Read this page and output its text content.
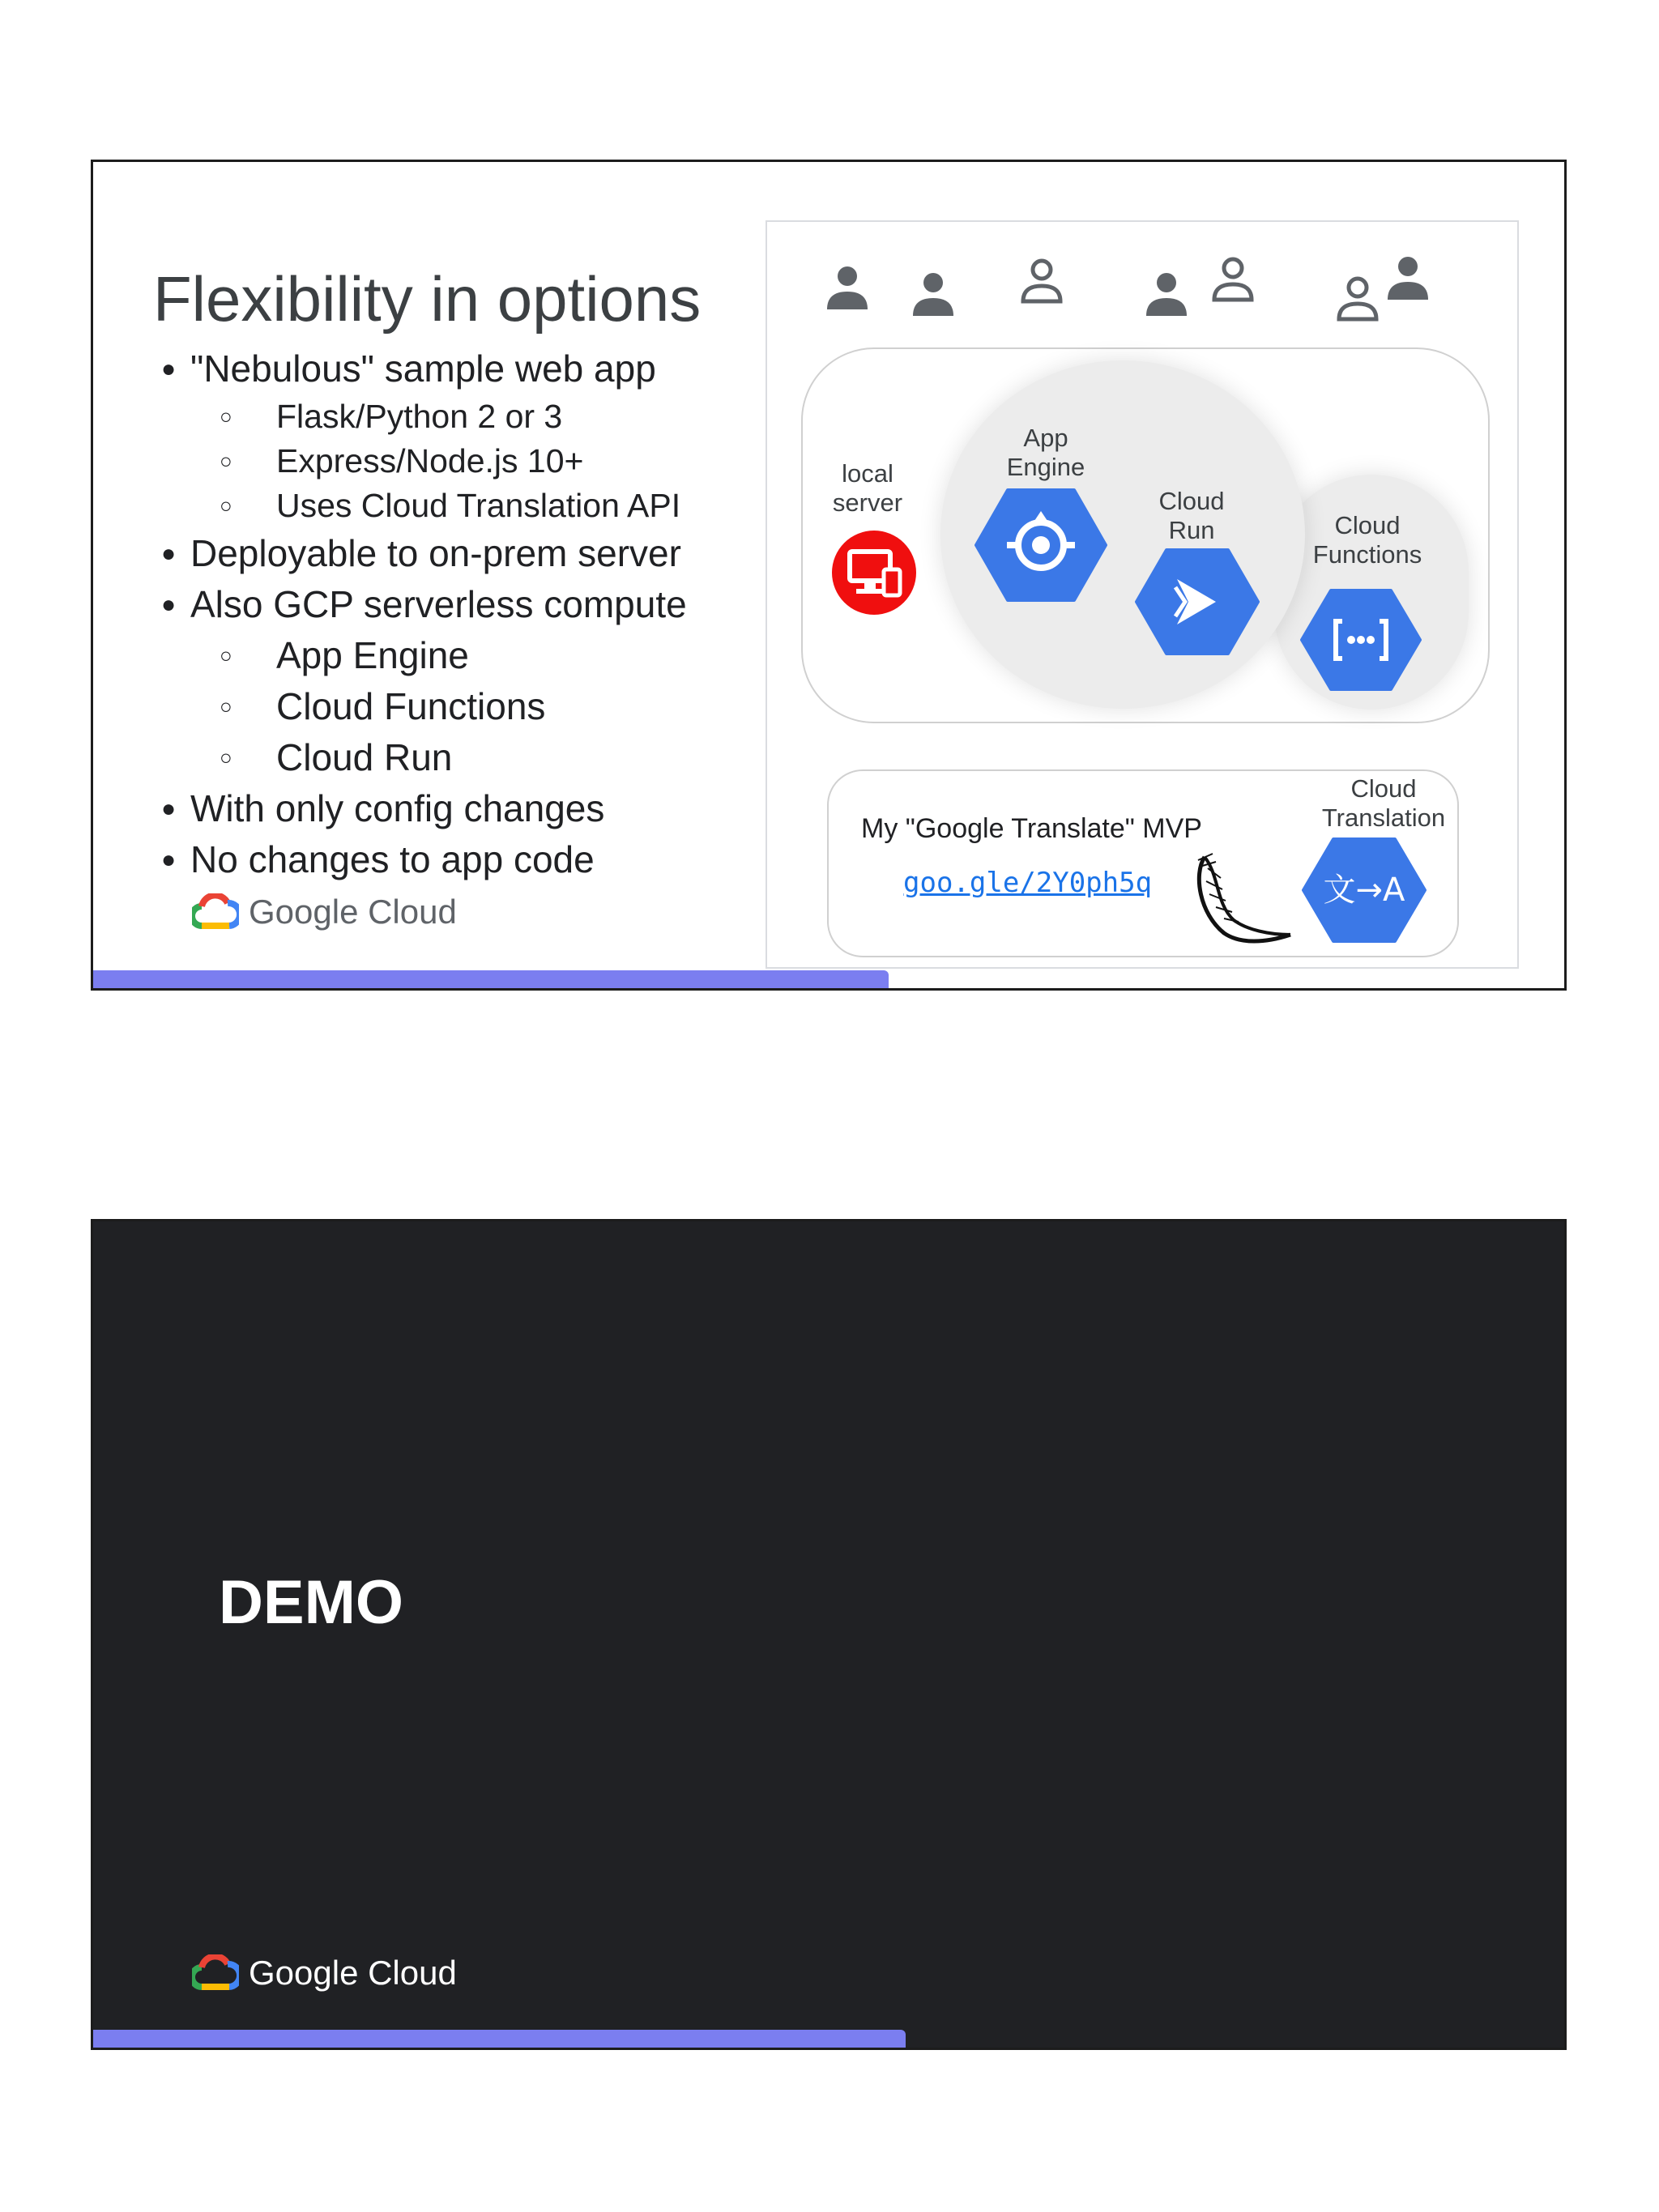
Flexibility in options
● "Nebulous" sample web app
○ Flask/Python 2 or 3
○ Express/Node.js 10+
○ Uses Cloud Translation API
● Deployable to on-prem server
● Also GCP serverless compute
○ App Engine
○ Cloud Functions
○ Cloud Run
● With only config changes
● No changes to app code
Google Cloud
local
server
App
Engine
Cloud
Run	Cloud
Functions
My "Google Translate" MVP
goo.gle/2Y0ph5q
Cloud
Translation
文→A
DEMO
Google Cloud
